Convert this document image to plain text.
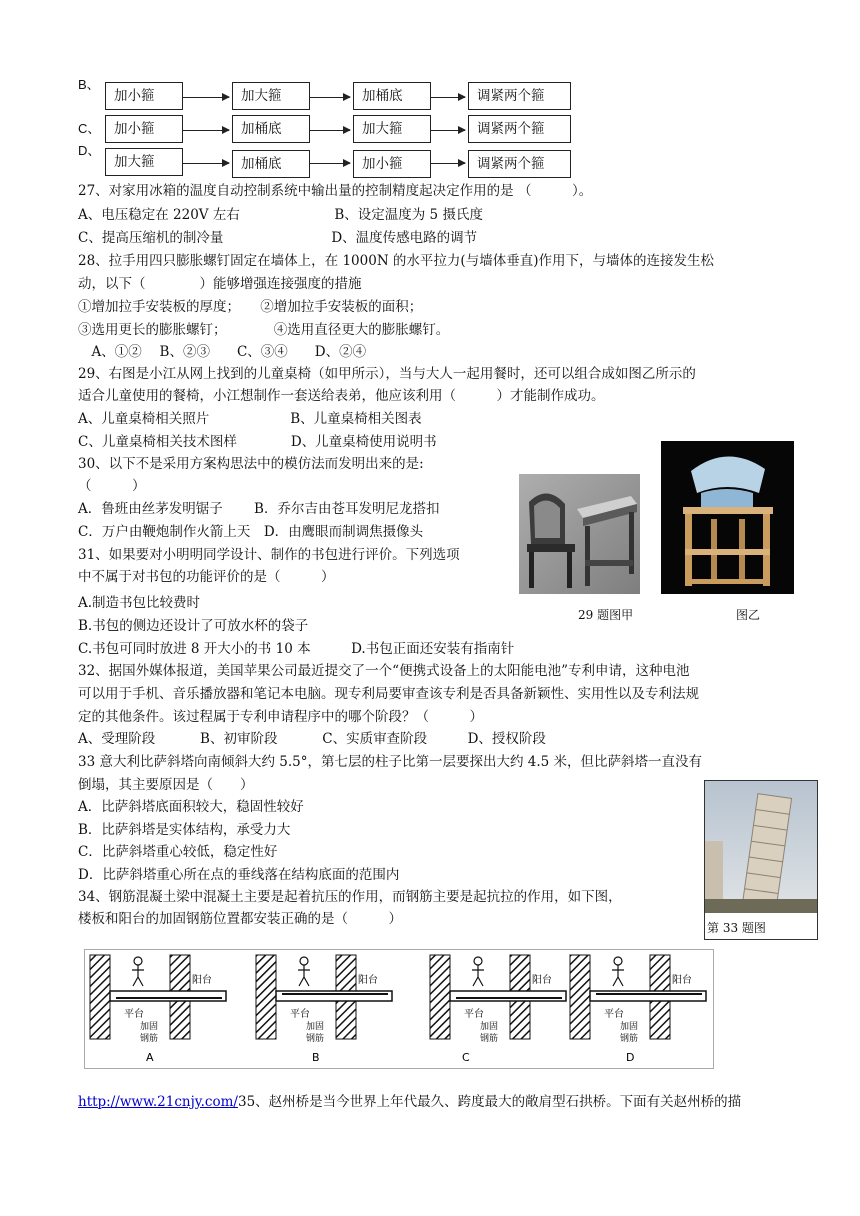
B、
加小箍	加大箍	加桶底	调紧两个箍
C、	加小箍	加桶底	加大箍	调紧两个箍
D、
加大箍	加桶底	加小箍	调紧两个箍
27、对家用冰箱的温度自动控制系统中输出量的控制精度起决定作用的是 （　　　）。
A、电压稳定在 220V 左右　　　　　　　B、设定温度为 5 摄氏度
C、提高压缩机的制冷量　　　　　　　　D、温度传感电路的调节
28、拉手用四只膨胀螺钉固定在墙体上，在 1000N 的水平拉力(与墙体垂直)作用下，与墙体的连接发生松
动，以下（　　　　）能够增强连接强度的措施
①增加拉手安装板的厚度；　　②增加拉手安装板的面积；
③选用更长的膨胀螺钉；　　　　④选用直径更大的膨胀螺钉。
　A、①②　 B、②③　　C、③④　　D、②④
29、右图是小江从网上找到的儿童桌椅（如甲所示），当与大人一起用餐时，还可以组合成如图乙所示的
适合儿童使用的餐椅，小江想制作一套送给表弟，他应该利用（　　　）才能制作成功。
A、儿童桌椅相关照片　　　　　　B、儿童桌椅相关图表
C、儿童桌椅相关技术图样　　　　D、儿童桌椅使用说明书
30、以下不是采用方案构思法中的模仿法而发明出来的是:
（　　　）
A．鲁班由丝茅发明锯子　　 B．乔尔吉由苍耳发明尼龙搭扣
C．万户由鞭炮制作火箭上天　D．由鹰眼而制调焦摄像头
31、如果要对小明明同学设计、制作的书包进行评价。下列选项
中不属于对书包的功能评价的是（　　　）
A.制造书包比较费时
B.书包的侧边还设计了可放水杯的袋子
C.书包可同时放进 8 开大小的书 10 本　　　D.书包正面还安装有指南针
32、据国外媒体报道，美国苹果公司最近提交了一个“便携式设备上的太阳能电池”专利申请，这种电池
可以用于手机、音乐播放器和笔记本电脑。现专利局要审查该专利是否具备新颖性、实用性以及专利法规
定的其他条件。该过程属于专利申请程序中的哪个阶段？（　　　）
A、受理阶段　　　 B、初审阶段　　　 C、实质审查阶段　　　D、授权阶段
33 意大利比萨斜塔向南倾斜大约 5.5°，第七层的柱子比第一层要探出大约 4.5 米，但比萨斜塔一直没有
倒塌，其主要原因是（　　）
A．比萨斜塔底面积较大，稳固性较好
B．比萨斜塔是实体结构，承受力大
C．比萨斜塔重心较低，稳定性好
D．比萨斜塔重心所在点的垂线落在结构底面的范围内
34、钢筋混凝土梁中混凝土主要是起着抗压的作用，而钢筋主要是起抗拉的作用，如下图，
楼板和阳台的加固钢筋位置都安装正确的是（　　　）
29 题图甲	图乙
第 33 题图
平台
阳台
加固
钢筋
A
平台
阳台
加固
钢筋
B
平台
阳台
加固
钢筋
C
平台
阳台
加固
钢筋
D
http://www.21cnjy.com/35、赵州桥是当今世界上年代最久、跨度最大的敞肩型石拱桥。下面有关赵州桥的描
